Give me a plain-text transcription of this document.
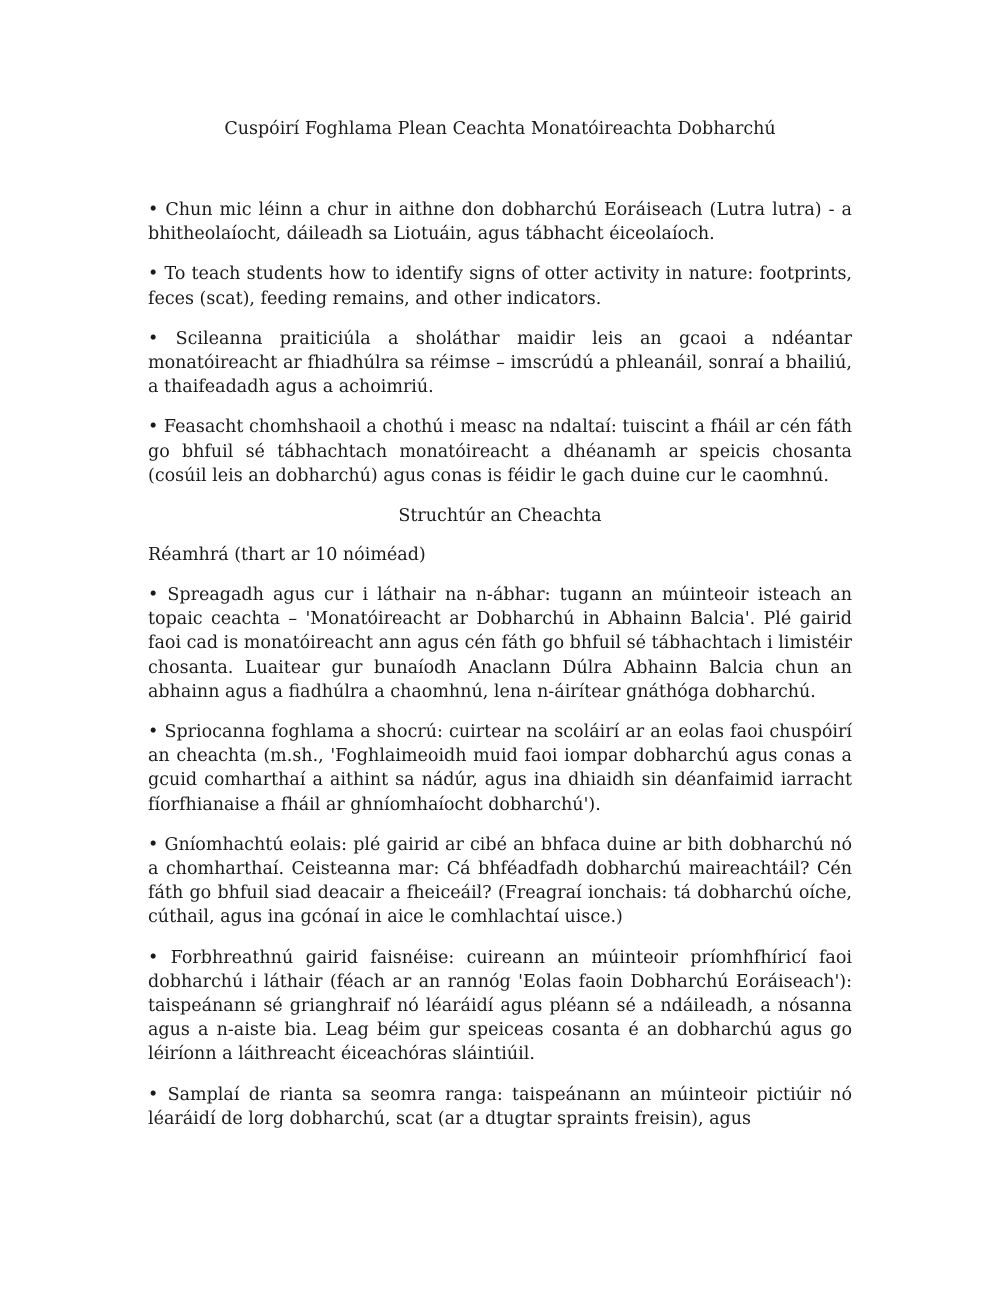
Cuspóirí Foghlama Plean Ceachta Monatóireachta Dobharchú

• Chun mic léinn a chur in aithne don dobharchú Eoráiseach (Lutra lutra) - a bhitheolaíocht, dáileadh sa Liotuáin, agus tábhacht éiceolaíoch.

• To teach students how to identify signs of otter activity in nature: footprints, feces (scat), feeding remains, and other indicators.

• Scileanna praiticiúla a sholáthar maidir leis an gcaoi a ndéantar monatóireacht ar fhiadhúlra sa réimse – imscrúdú a phleanáil, sonraí a bhailiú, a thaifeadadh agus a achoimriú.

• Feasacht chomhshaoil a chothú i measc na ndaltaí: tuiscint a fháil ar cén fáth go bhfuil sé tábhachtach monatóireacht a dhéanamh ar speicis chosanta (cosúil leis an dobharchú) agus conas is féidir le gach duine cur le caomhnú.

Struchtúr an Cheachta
Réamhrá (thart ar 10 nóiméad)

• Spreagadh agus cur i láthair na n-ábhar: tugann an múinteoir isteach an topaic ceachta – 'Monatóireacht ar Dobharchú in Abhainn Balcia'. Plé gairid faoi cad is monatóireacht ann agus cén fáth go bhfuil sé tábhachtach i limistéir chosanta. Luaitear gur bunaíodh Anaclann Dúlra Abhainn Balcia chun an abhainn agus a fiadhúlra a chaomhnú, lena n-áirítear gnáthóga dobharchú.

• Spriocanna foghlama a shocrú: cuirtear na scoláirí ar an eolas faoi chuspóirí an cheachta (m.sh., 'Foghlaimeoidh muid faoi iompar dobharchú agus conas a gcuid comharthaí a aithint sa nádúr, agus ina dhiaidh sin déanfaimid iarracht fíorfhianaise a fháil ar ghníomhaíocht dobharchú').

• Gníomhachtú eolais: plé gairid ar cibé an bhfaca duine ar bith dobharchú nó a chomharthaí. Ceisteanna mar: Cá bhféadfadh dobharchú maireachtáil? Cén fáth go bhfuil siad deacair a fheiceáil? (Freagraí ionchais: tá dobharchú oíche, cúthail, agus ina gcónaí in aice le comhlachtaí uisce.)

• Forbhreathnú gairid faisnéise: cuireann an múinteoir príomhfhíricí faoi dobharchú i láthair (féach ar an rannóg 'Eolas faoin Dobharchú Eoráiseach'): taispeánann sé grianghraif nó léaráidí agus pléann sé a ndáileadh, a nósanna agus a n-aiste bia. Leag béim gur speiceas cosanta é an dobharchú agus go léiríonn a láithreacht éiceachóras sláintiúil.

• Samplaí de rianta sa seomra ranga: taispeánann an múinteoir pictiúir nó léaráidí de lorg dobharchú, scat (ar a dtugtar spraints freisin), agus
